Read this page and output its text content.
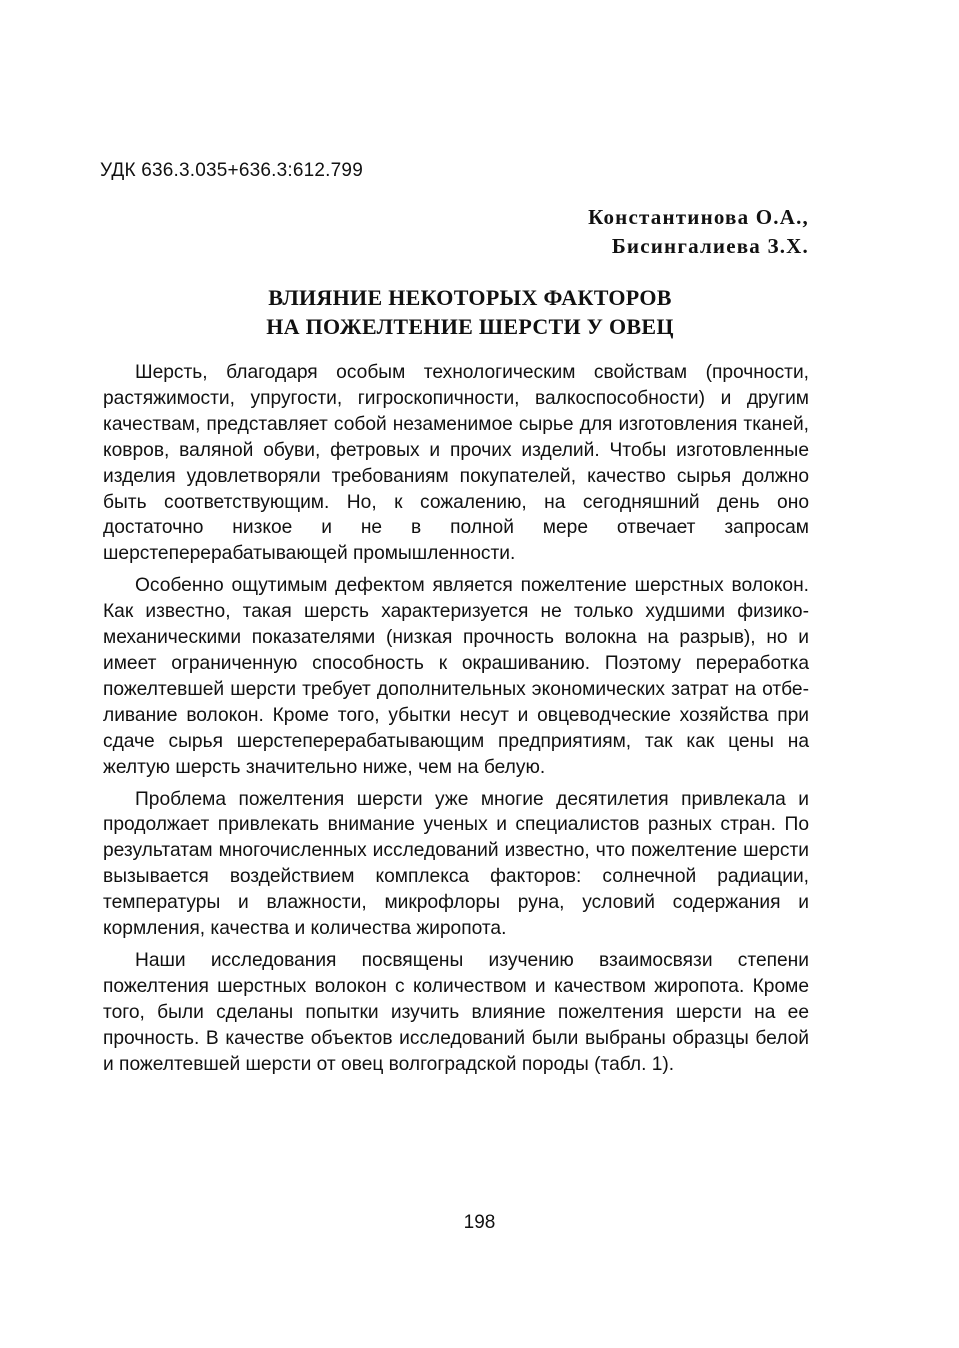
УДК 636.3.035+636.3:612.799
Константинова О.А.,
Бисингалиева З.Х.
ВЛИЯНИЕ НЕКОТОРЫХ ФАКТОРОВ
НА ПОЖЕЛТЕНИЕ ШЕРСТИ У ОВЕЦ

Шерсть, благодаря особым технологическим свойствам (прочности, растяжимости, упругости, гигроскопичности, валкоспособности) и другим качествам, представляет собой незаменимое сырье для изготовления тканей, ковров, валяной обуви, фетровых и прочих изделий. Чтобы изготовленные изделия удовлетворяли требованиям покупателей, качество сырья должно быть соответствующим. Но, к сожалению, на сегодняшний день оно достаточно низкое и не в полной мере отвечает запросам шерстеперерабатывающей промышленности.

Особенно ощутимым дефектом является пожелтение шерстных волокон. Как известно, такая шерсть характеризуется не только худшими физико-механическими показателями (низкая прочность волокна на разрыв), но и имеет ограниченную способность к окрашиванию. Поэтому переработка пожелтевшей шерсти требует дополнительных экономических затрат на отбеливание волокон. Кроме того, убытки несут и овцеводческие хозяйства при сдаче сырья шерстеперерабатывающим предприятиям, так как цены на желтую шерсть значительно ниже, чем на белую.

Проблема пожелтения шерсти уже многие десятилетия привлекала и продолжает привлекать внимание ученых и специалистов разных стран. По результатам многочисленных исследований известно, что пожелтение шерсти вызывается воздействием комплекса факторов: солнечной радиации, температуры и влажности, микрофлоры руна, условий содержания и кормления, качества и количества жиропота.

Наши исследования посвящены изучению взаимосвязи степени пожелтения шерстных волокон с количеством и качеством жиропота. Кроме того, были сделаны попытки изучить влияние пожелтения шерсти на ее прочность. В качестве объектов исследований были выбраны образцы белой и пожелтевшей шерсти от овец волгоградской породы (табл. 1).

198
